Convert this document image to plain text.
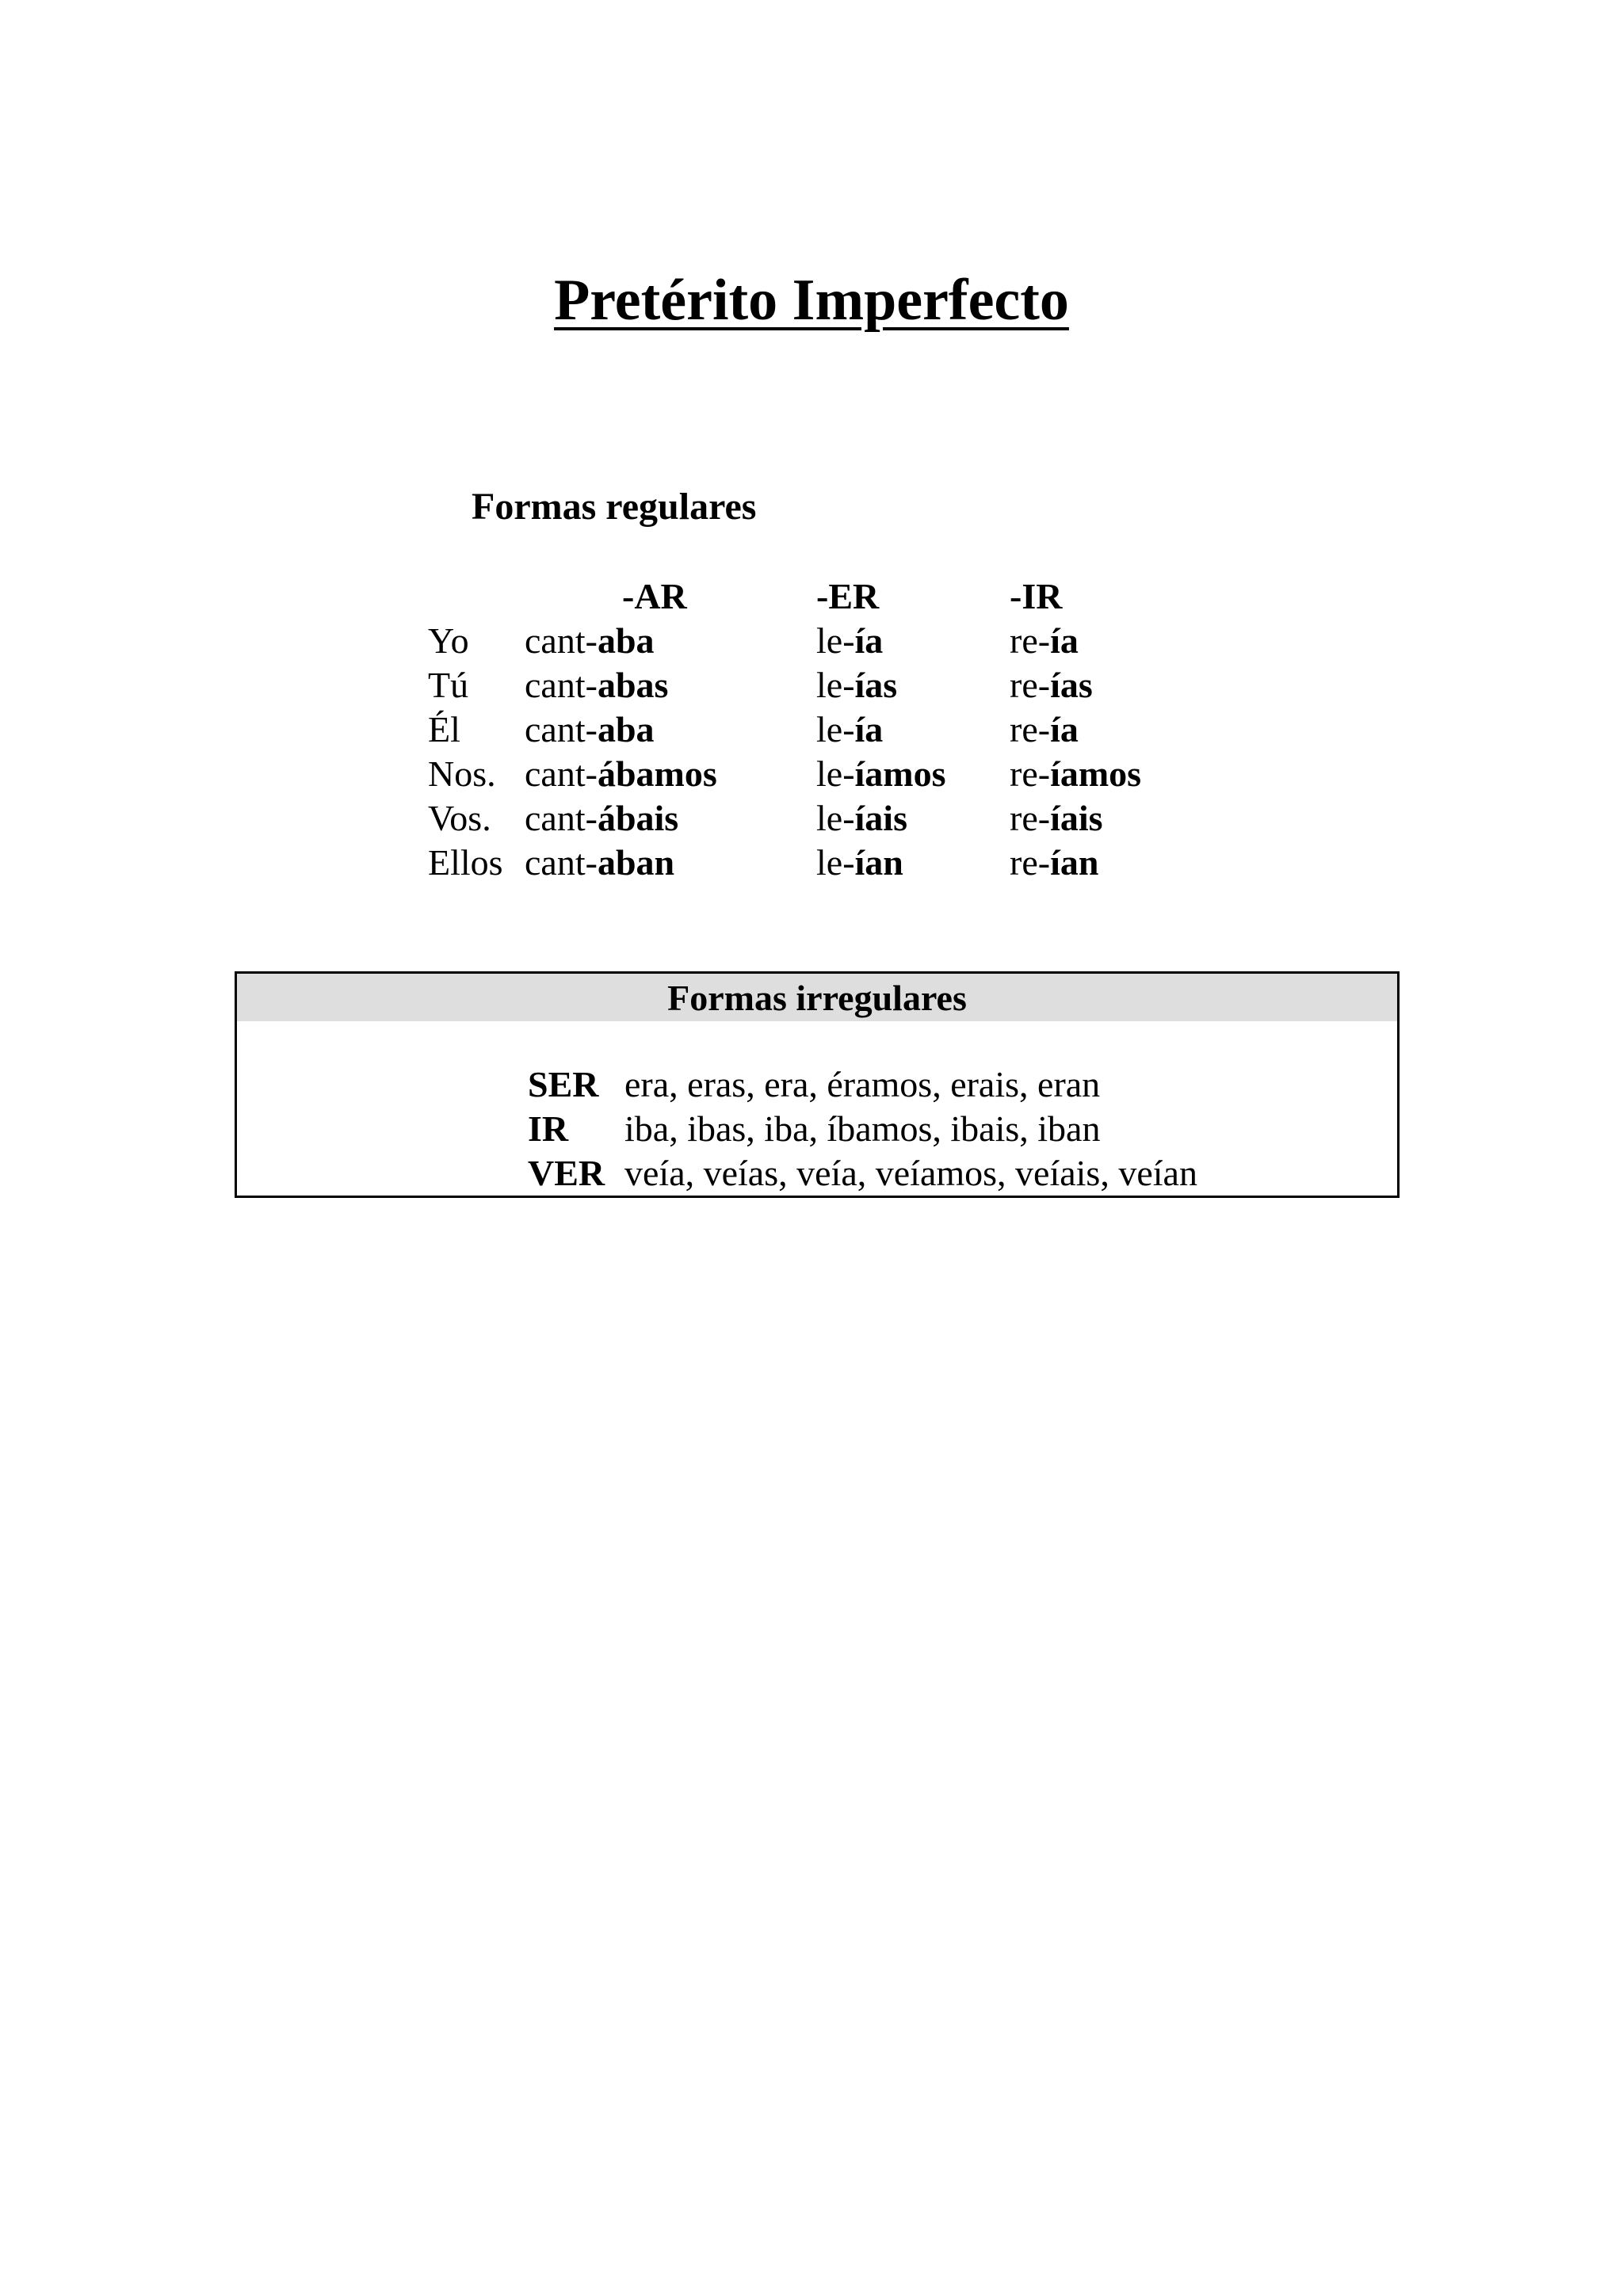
Pretérito Imperfecto
Formas regulares
-AR	-ER	-IR
Yo cant-aba	le-ía	re-ía
Tú cant-abas	le-ías	re-ías
Él cant-aba	le-ía	re-ía
Nos. cant-ábamos	le-íamos re-íamos
Vos. cant-ábais	le-íais	re-íais
Ellos cant-aban	le-ían	re-ían
Formas irregulares
SER era, eras, era, éramos, erais, eran
IR iba, ibas, iba, íbamos, ibais, iban
VER veía, veías, veía, veíamos, veíais, veían
